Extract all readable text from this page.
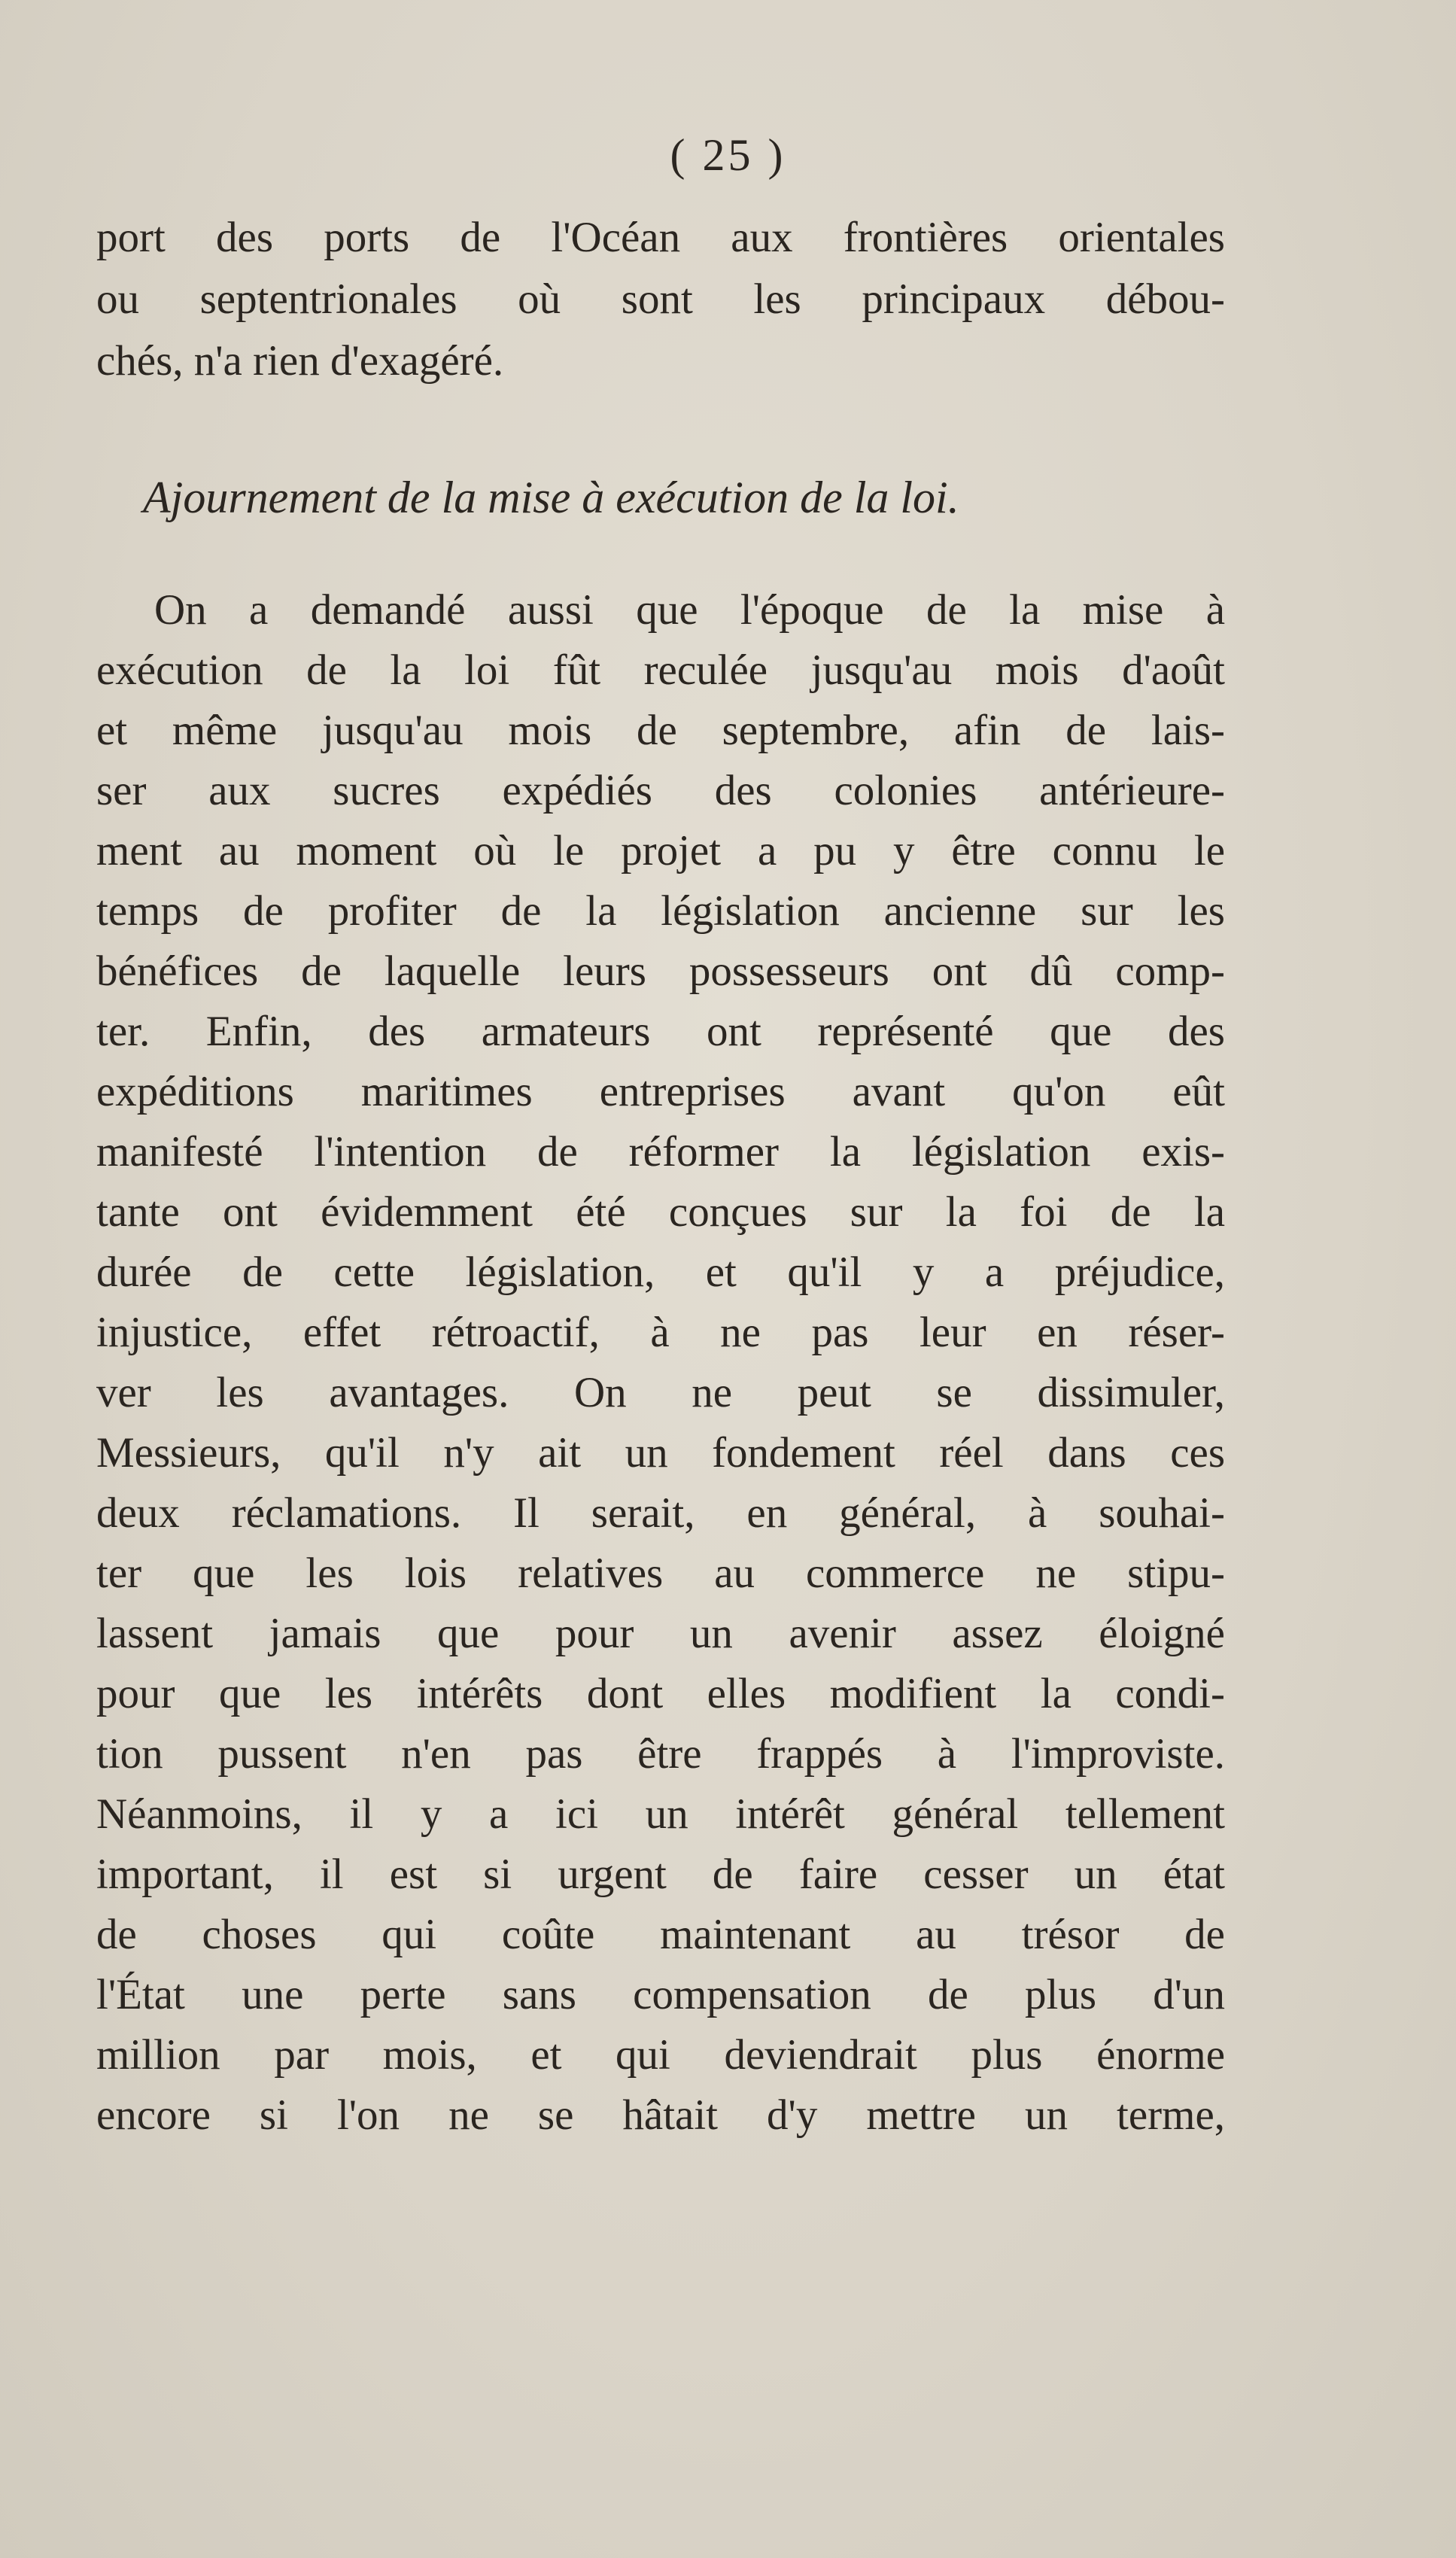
( 25 )
port des ports de l'Océan aux frontières orientales
ou septentrionales où sont les principaux débou-
chés, n'a rien d'exagéré.
Ajournement de la mise à exécution de la loi.
On a demandé aussi que l'époque de la mise à
exécution de la loi fût reculée jusqu'au mois d'août
et même jusqu'au mois de septembre, afin de lais-
ser aux sucres expédiés des colonies antérieure-
ment au moment où le projet a pu y être connu le
temps de profiter de la législation ancienne sur les
bénéfices de laquelle leurs possesseurs ont dû comp-
ter. Enfin, des armateurs ont représenté que des
expéditions maritimes entreprises avant qu'on eût
manifesté l'intention de réformer la législation exis-
tante ont évidemment été conçues sur la foi de la
durée de cette législation, et qu'il y a préjudice,
injustice, effet rétroactif, à ne pas leur en réser-
ver les avantages. On ne peut se dissimuler,
Messieurs, qu'il n'y ait un fondement réel dans ces
deux réclamations. Il serait, en général, à souhai-
ter que les lois relatives au commerce ne stipu-
lassent jamais que pour un avenir assez éloigné
pour que les intérêts dont elles modifient la condi-
tion pussent n'en pas être frappés à l'improviste.
Néanmoins, il y a ici un intérêt général tellement
important, il est si urgent de faire cesser un état
de choses qui coûte maintenant au trésor de
l'État une perte sans compensation de plus d'un
million par mois, et qui deviendrait plus énorme
encore si l'on ne se hâtait d'y mettre un terme,
